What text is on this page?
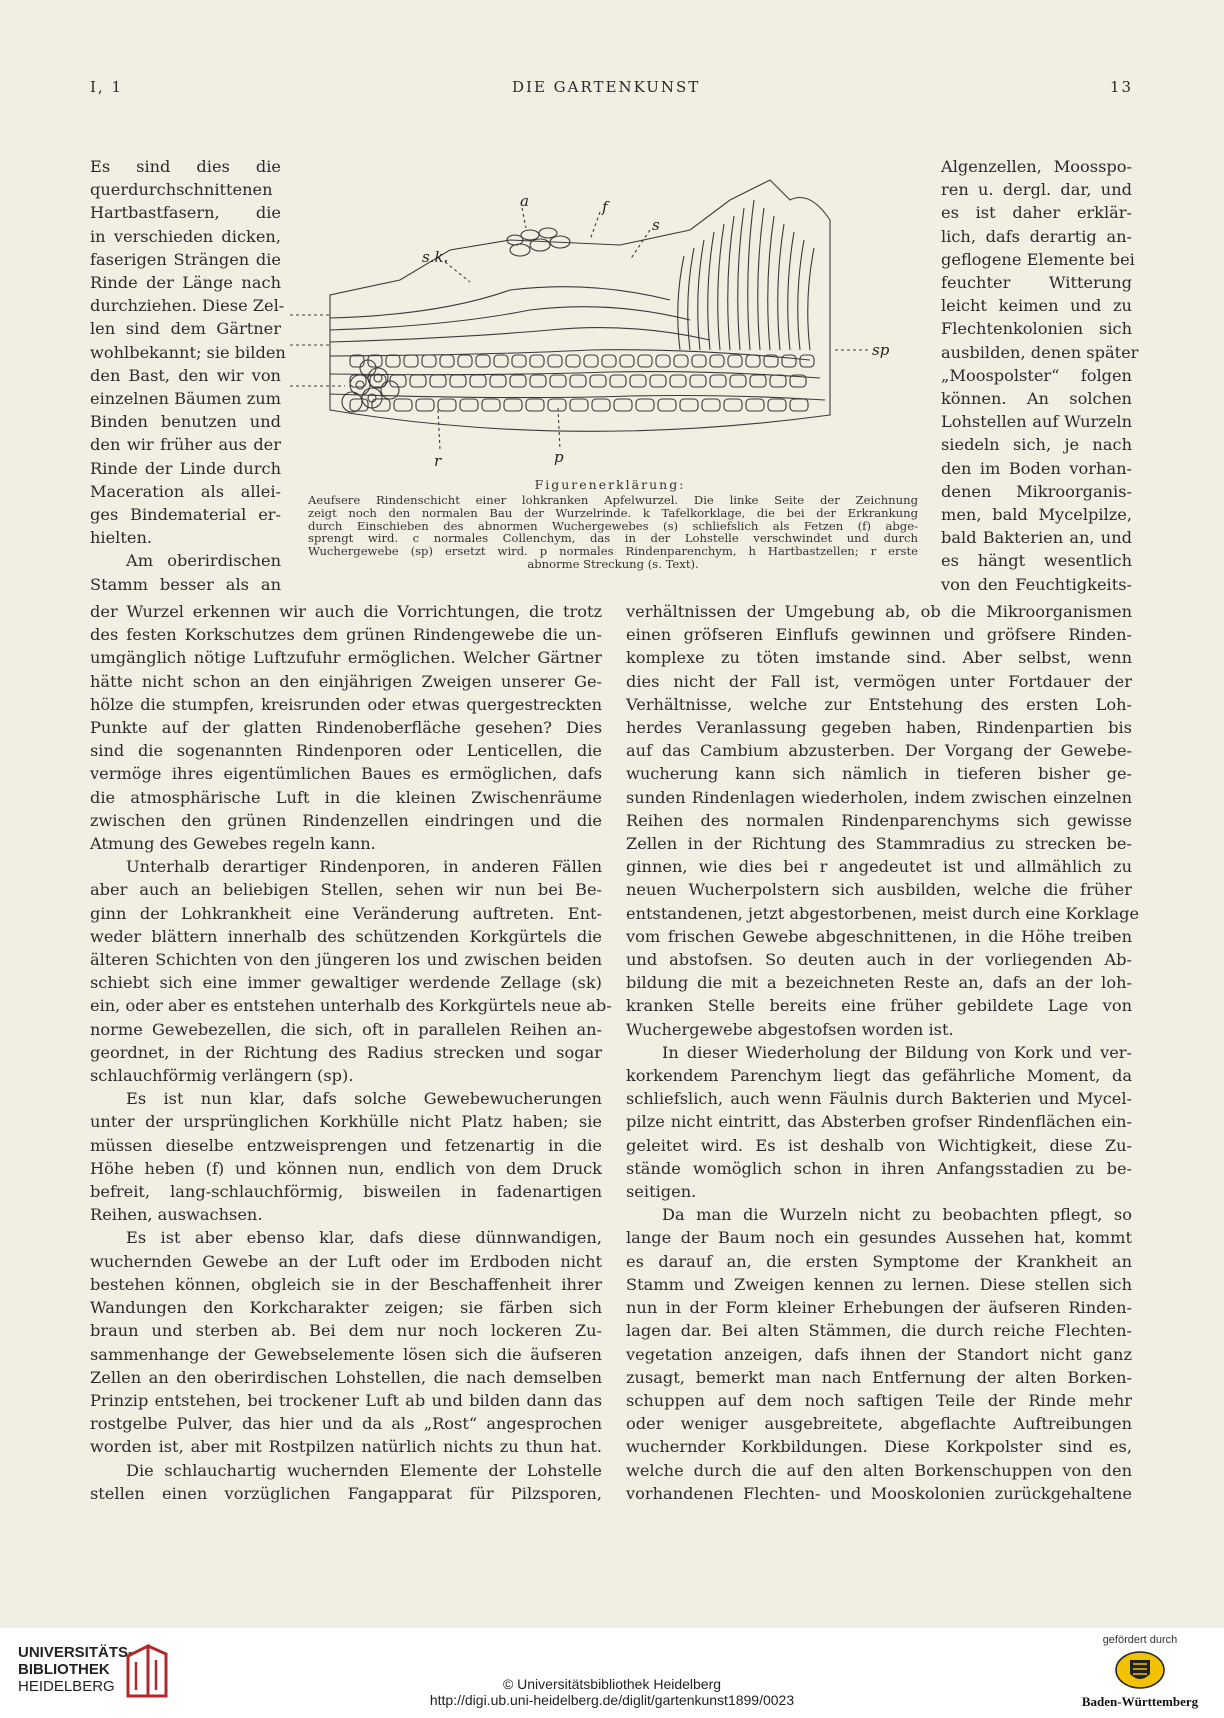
I, 1	DIE GARTENKUNST	13
Es sind dies die
querdurchschnittenen
Hartbastfasern, die
in verschieden dicken,
faserigen Strängen die
Rinde der Länge nach
durchziehen. Diese Zel-
len sind dem Gärtner
wohlbekannt; sie bilden
den Bast, den wir von
einzelnen Bäumen zum
Binden benutzen und
den wir früher aus der
Rinde der Linde durch
Maceration als allei-
ges Bindematerial er-
hielten.
Am oberirdischen
Stamm besser als an
Algenzellen, Moosspo-
ren u. dergl. dar, und
es ist daher erklär-
lich, dafs derartig an-
geflogene Elemente bei
feuchter Witterung
leicht keimen und zu
Flechtenkolonien sich
ausbilden, denen später
„Moospolster“ folgen
können. An solchen
Lohstellen auf Wurzeln
siedeln sich, je nach
den im Boden vorhan-
denen Mikroorganis-
men, bald Mycelpilze,
bald Bakterien an, und
es hängt wesentlich
von den Feuchtigkeits-
a	f
s
s.k.
sp
r	p
Figurenerklärung:
Aeufsere Rindenschicht einer lohkranken Apfelwurzel. Die linke Seite der Zeichnung
zeigt noch den normalen Bau der Wurzelrinde. k Tafelkorklage, die bei der Erkrankung
durch Einschieben des abnormen Wuchergewebes (s) schliefslich als Fetzen (f) abge-
sprengt wird. c normales Collenchym, das in der Lohstelle verschwindet und durch
Wuchergewebe (sp) ersetzt wird. p normales Rindenparenchym, h Hartbastzellen; r erste
abnorme Streckung (s. Text).
der Wurzel erkennen wir auch die Vorrichtungen, die trotz
des festen Korkschutzes dem grünen Rindengewebe die un-
umgänglich nötige Luftzufuhr ermöglichen. Welcher Gärtner
hätte nicht schon an den einjährigen Zweigen unserer Ge-
hölze die stumpfen, kreisrunden oder etwas quergestreckten
Punkte auf der glatten Rindenoberfläche gesehen? Dies
sind die sogenannten Rindenporen oder Lenticellen, die
vermöge ihres eigentümlichen Baues es ermöglichen, dafs
die atmosphärische Luft in die kleinen Zwischenräume
zwischen den grünen Rindenzellen eindringen und die
Atmung des Gewebes regeln kann.
Unterhalb derartiger Rindenporen, in anderen Fällen
aber auch an beliebigen Stellen, sehen wir nun bei Be-
ginn der Lohkrankheit eine Veränderung auftreten. Ent-
weder blättern innerhalb des schützenden Korkgürtels die
älteren Schichten von den jüngeren los und zwischen beiden
schiebt sich eine immer gewaltiger werdende Zellage (sk)
ein, oder aber es entstehen unterhalb des Korkgürtels neue ab-
norme Gewebezellen, die sich, oft in parallelen Reihen an-
geordnet, in der Richtung des Radius strecken und sogar
schlauchförmig verlängern (sp).
Es ist nun klar, dafs solche Gewebewucherungen
unter der ursprünglichen Korkhülle nicht Platz haben; sie
müssen dieselbe entzweisprengen und fetzenartig in die
Höhe heben (f) und können nun, endlich von dem Druck
befreit, lang-schlauchförmig, bisweilen in fadenartigen
Reihen, auswachsen.
Es ist aber ebenso klar, dafs diese dünnwandigen,
wuchernden Gewebe an der Luft oder im Erdboden nicht
bestehen können, obgleich sie in der Beschaffenheit ihrer
Wandungen den Korkcharakter zeigen; sie färben sich
braun und sterben ab. Bei dem nur noch lockeren Zu-
sammenhange der Gewebselemente lösen sich die äufseren
Zellen an den oberirdischen Lohstellen, die nach demselben
Prinzip entstehen, bei trockener Luft ab und bilden dann das
rostgelbe Pulver, das hier und da als „Rost“ angesprochen
worden ist, aber mit Rostpilzen natürlich nichts zu thun hat.
Die schlauchartig wuchernden Elemente der Lohstelle
stellen einen vorzüglichen Fangapparat für Pilzsporen,
verhältnissen der Umgebung ab, ob die Mikroorganismen
einen gröfseren Einflufs gewinnen und gröfsere Rinden-
komplexe zu töten imstande sind. Aber selbst, wenn
dies nicht der Fall ist, vermögen unter Fortdauer der
Verhältnisse, welche zur Entstehung des ersten Loh-
herdes Veranlassung gegeben haben, Rindenpartien bis
auf das Cambium abzusterben. Der Vorgang der Gewebe-
wucherung kann sich nämlich in tieferen bisher ge-
sunden Rindenlagen wiederholen, indem zwischen einzelnen
Reihen des normalen Rindenparenchyms sich gewisse
Zellen in der Richtung des Stammradius zu strecken be-
ginnen, wie dies bei r angedeutet ist und allmählich zu
neuen Wucherpolstern sich ausbilden, welche die früher
entstandenen, jetzt abgestorbenen, meist durch eine Korklage
vom frischen Gewebe abgeschnittenen, in die Höhe treiben
und abstofsen. So deuten auch in der vorliegenden Ab-
bildung die mit a bezeichneten Reste an, dafs an der loh-
kranken Stelle bereits eine früher gebildete Lage von
Wuchergewebe abgestofsen worden ist.
In dieser Wiederholung der Bildung von Kork und ver-
korkendem Parenchym liegt das gefährliche Moment, da
schliefslich, auch wenn Fäulnis durch Bakterien und Mycel-
pilze nicht eintritt, das Absterben grofser Rindenflächen ein-
geleitet wird. Es ist deshalb von Wichtigkeit, diese Zu-
stände womöglich schon in ihren Anfangsstadien zu be-
seitigen.
Da man die Wurzeln nicht zu beobachten pflegt, so
lange der Baum noch ein gesundes Aussehen hat, kommt
es darauf an, die ersten Symptome der Krankheit an
Stamm und Zweigen kennen zu lernen. Diese stellen sich
nun in der Form kleiner Erhebungen der äufseren Rinden-
lagen dar. Bei alten Stämmen, die durch reiche Flechten-
vegetation anzeigen, dafs ihnen der Standort nicht ganz
zusagt, bemerkt man nach Entfernung der alten Borken-
schuppen auf dem noch saftigen Teile der Rinde mehr
oder weniger ausgebreitete, abgeflachte Auftreibungen
wuchernder Korkbildungen. Diese Korkpolster sind es,
welche durch die auf den alten Borkenschuppen von den
vorhandenen Flechten- und Mooskolonien zurückgehaltene
UNIVERSITÄTS-
BIBLIOTHEK
HEIDELBERG	© Universitätsbibliothek Heidelberg
http://digi.ub.uni-heidelberg.de/diglit/gartenkunst1899/0023
gefördert durch
Baden-Württemberg
